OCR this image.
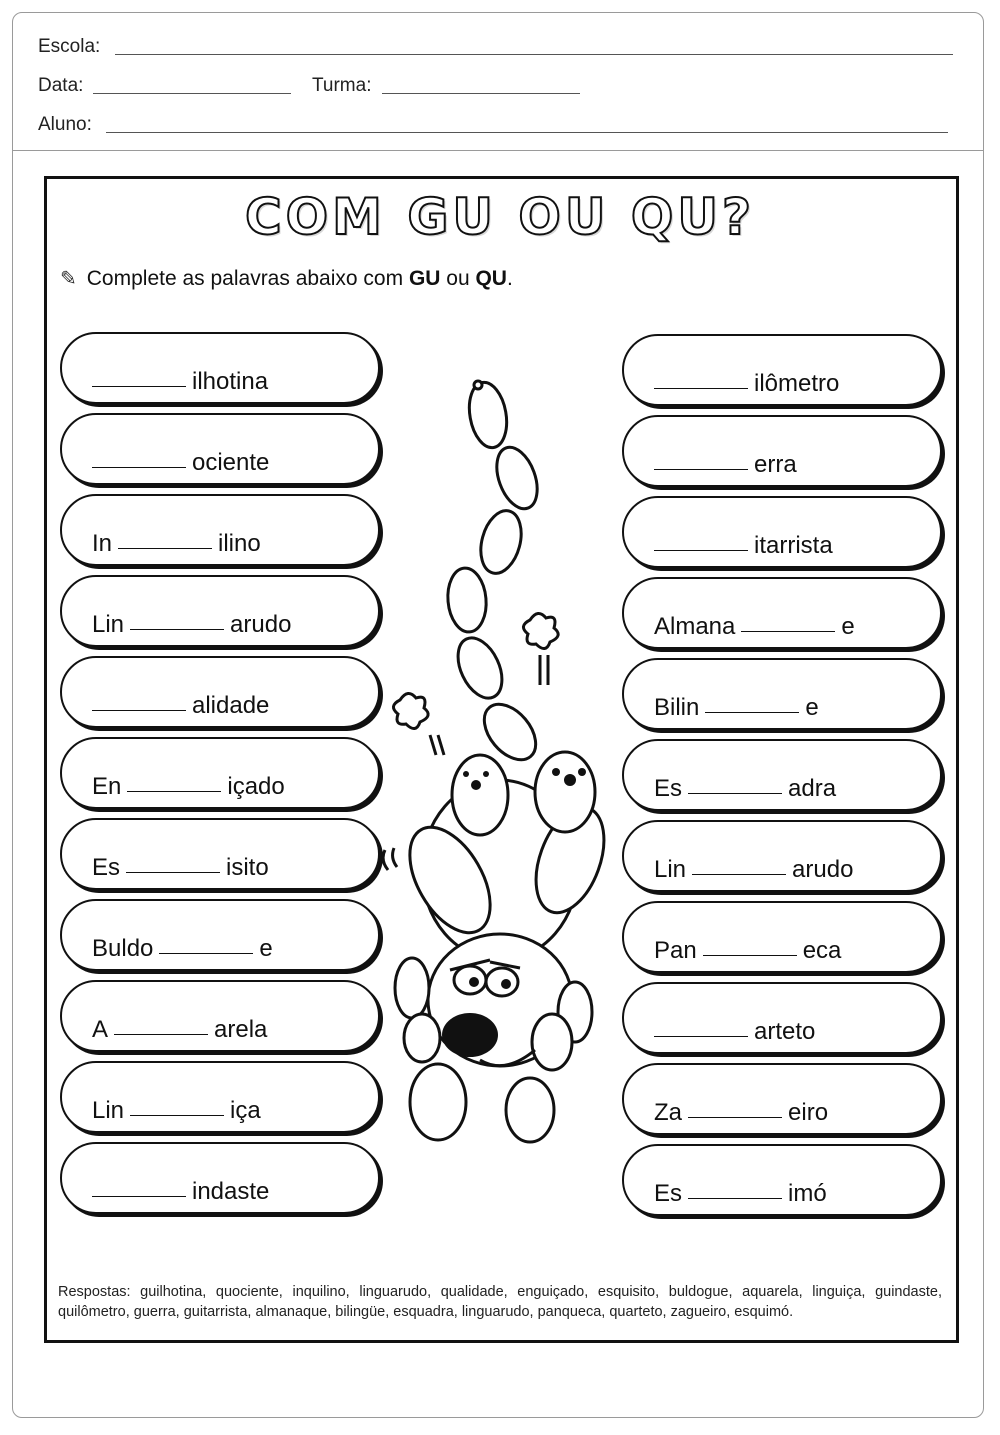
Escola:
Data:	Turma:
Aluno:
COM GU OU QU?
✎ Complete as palavras abaixo com GU ou QU.
ilhotina
ociente
In	ilino
Lin	arudo
alidade
En	içado
Es	isito
Buldo	e
A	arela
Lin	iça
indaste
ilômetro
erra
itarrista
Almana	e
Bilin	e
Es	adra
Lin	arudo
Pan	eca
arteto
Za	eiro
Es	imó
Respostas: guilhotina, quociente, inquilino, linguarudo, qualidade, enguiçado, esquisito, buldogue, aquarela, linguiça, guindaste, quilômetro, guerra, guitarrista, almanaque, bilingüe, esquadra, linguarudo, panqueca, quarteto, zagueiro, esquimó.
